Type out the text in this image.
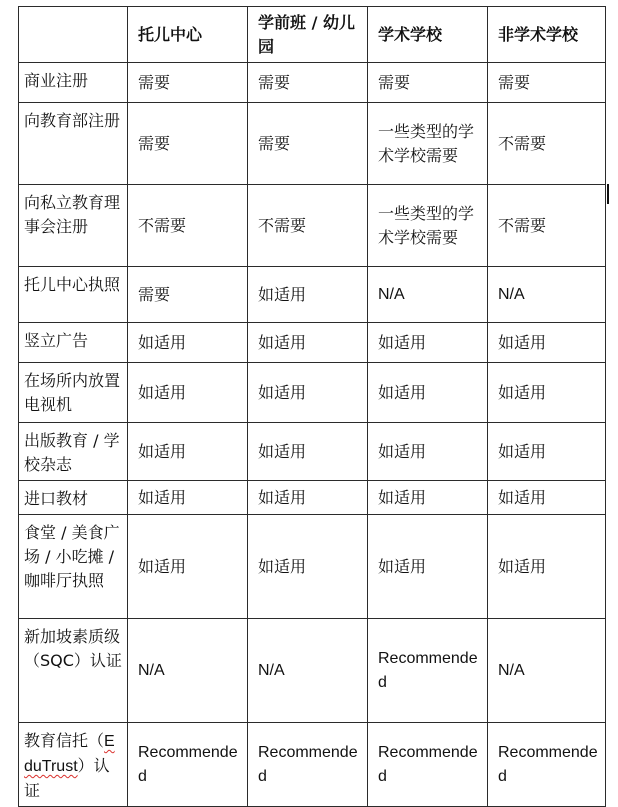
	托儿中心	学前班 / 幼儿园	学术学校	非学术学校
商业注册	需要	需要	需要	需要
向教育部注册	需要	需要	一些类型的学术学校需要	不需要
向私立教育理事会注册	不需要	不需要	一些类型的学术学校需要	不需要
托儿中心执照	需要	如适用	N/A	N/A
竖立广告	如适用	如适用	如适用	如适用
在场所内放置电视机	如适用	如适用	如适用	如适用
出版教育 / 学校杂志	如适用	如适用	如适用	如适用
进口教材	如适用	如适用	如适用	如适用
食堂 / 美食广场 / 小吃摊 / 咖啡厅执照	如适用	如适用	如适用	如适用
新加坡素质级 （SQC）认证	N/A	N/A	Recommended	N/A
教育信托（EduTrust）认证	Recommended	Recommended	Recommended	Recommended
